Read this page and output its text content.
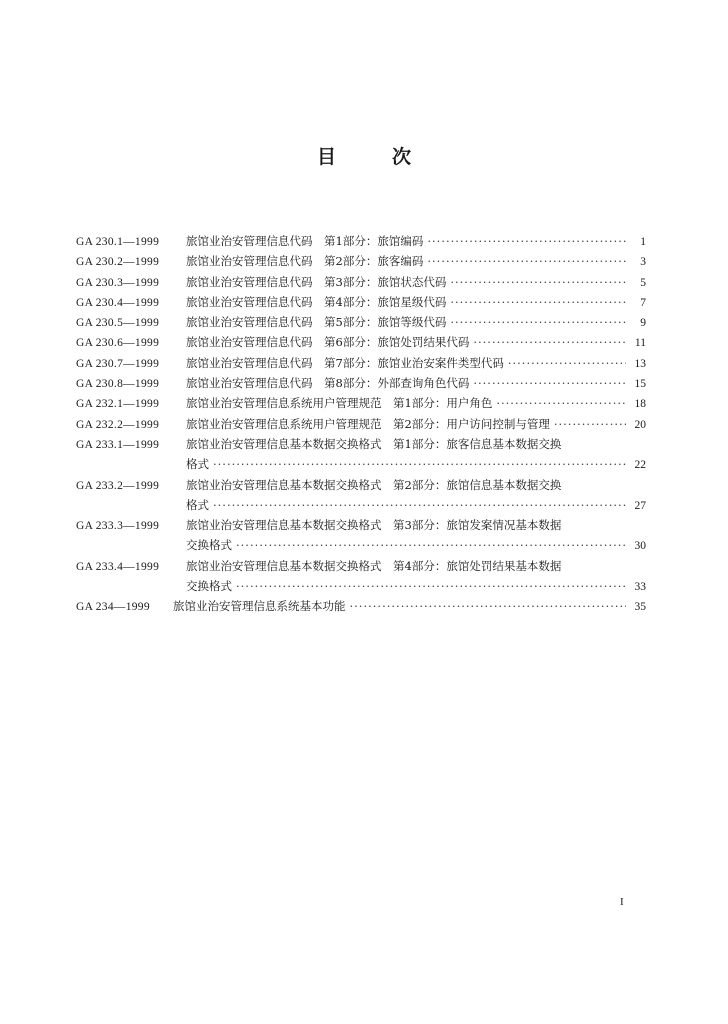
目次
GA 230.1—1999	旅馆业治安管理信息代码　第1部分：旅馆编码 ·····	1
GA 230.2—1999	旅馆业治安管理信息代码　第2部分：旅客编码 ·····	3
GA 230.3—1999	旅馆业治安管理信息代码　第3部分：旅馆状态代码 ·····	5
GA 230.4—1999	旅馆业治安管理信息代码　第4部分：旅馆星级代码 ·····	7
GA 230.5—1999	旅馆业治安管理信息代码　第5部分：旅馆等级代码 ·····	9
GA 230.6—1999	旅馆业治安管理信息代码　第6部分：旅馆处罚结果代码 ·····	11
GA 230.7—1999	旅馆业治安管理信息代码　第7部分：旅馆业治安案件类型代码 ·····	13
GA 230.8—1999	旅馆业治安管理信息代码　第8部分：外部查询角色代码 ·····	15
GA 232.1—1999	旅馆业治安管理信息系统用户管理规范　第1部分：用户角色 ·····	18
GA 232.2—1999	旅馆业治安管理信息系统用户管理规范　第2部分：用户访问控制与管理 ·····	20
GA 233.1—1999	旅馆业治安管理信息基本数据交换格式　第1部分：旅客信息基本数据交换
格式 ·····	22
GA 233.2—1999	旅馆业治安管理信息基本数据交换格式　第2部分：旅馆信息基本数据交换
格式 ·····	27
GA 233.3—1999	旅馆业治安管理信息基本数据交换格式　第3部分：旅馆发案情况基本数据
交换格式 ·····	30
GA 233.4—1999	旅馆业治安管理信息基本数据交换格式　第4部分：旅馆处罚结果基本数据
交换格式 ·····	33
GA 234—1999	旅馆业治安管理信息系统基本功能 ·····	35
I
